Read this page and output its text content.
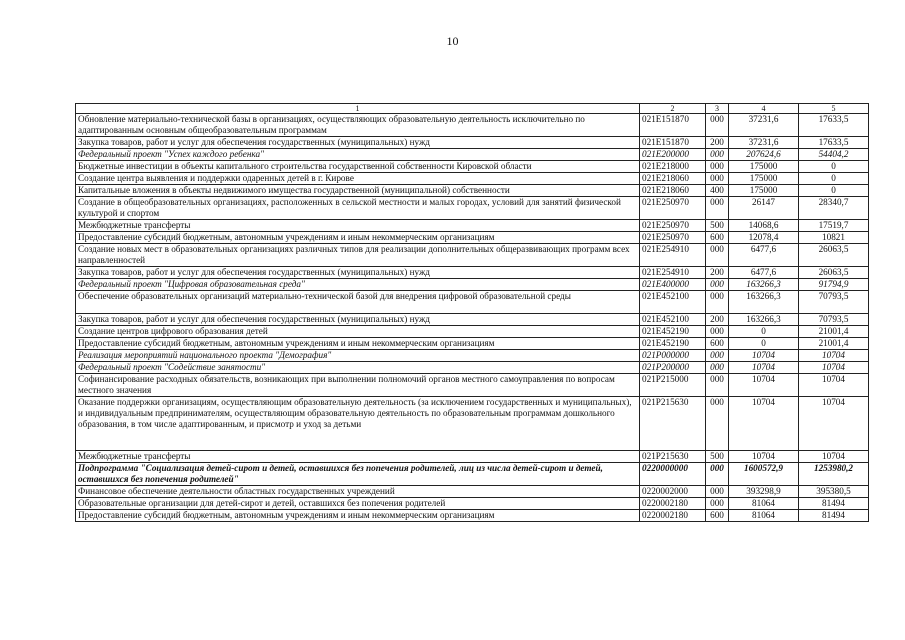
10
1	2	3	4	5
Обновление материально-технической базы в организациях, осуществляющих образовательную деятельность исключительно по адаптированным основным общеобразовательным программам	021E151870	000	37231,6	17633,5
Закупка товаров, работ и услуг для обеспечения государственных (муниципальных) нужд	021E151870	200	37231,6	17633,5
Федеральный проект "Успех каждого ребенка"	021E200000	000	207624,6	54404,2
Бюджетные инвестиции в объекты капитального строительства государственной собственности Кировской области	021E218000	000	175000	0
Создание центра выявления и поддержки одаренных детей в г. Кирове	021E218060	000	175000	0
Капитальные вложения в объекты недвижимого имущества государственной (муниципальной) собственности	021E218060	400	175000	0
Создание в общеобразовательных организациях, расположенных в сельской местности и малых городах, условий для занятий физической культурой и спортом	021E250970	000	26147	28340,7
Межбюджетные трансферты	021E250970	500	14068,6	17519,7
Предоставление субсидий бюджетным, автономным учреждениям и иным некоммерческим организациям	021E250970	600	12078,4	10821
Создание новых мест в образовательных организациях различных типов для реализации дополнительных общеразвивающих программ всех направленностей	021E254910	000	6477,6	26063,5
Закупка товаров, работ и услуг для обеспечения государственных (муниципальных) нужд	021E254910	200	6477,6	26063,5
Федеральный проект "Цифровая образовательная среда"	021E400000	000	163266,3	91794,9
Обеспечение образовательных организаций материально-технической базой для внедрения цифровой образовательной среды	021E452100	000	163266,3	70793,5
Закупка товаров, работ и услуг для обеспечения государственных (муниципальных) нужд	021E452100	200	163266,3	70793,5
Создание центров цифрового образования детей	021E452190	000	0	21001,4
Предоставление субсидий бюджетным, автономным учреждениям и иным некоммерческим организациям	021E452190	600	0	21001,4
Реализация мероприятий национального проекта "Демография"	021P000000	000	10704	10704
Федеральный проект "Содействие занятости"	021P200000	000	10704	10704
Софинансирование расходных обязательств, возникающих при выполнении полномочий органов местного самоуправления по вопросам местного значения	021P215000	000	10704	10704
Оказание поддержки организациям, осуществляющим образовательную деятельность (за исключением государственных и муниципальных), и индивидуальным предпринимателям, осуществляющим образовательную деятельность по образовательным программам дошкольного образования, в том числе адаптированным, и присмотр и уход за детьми	021P215630	000	10704	10704
Межбюджетные трансферты	021P215630	500	10704	10704
Подпрограмма "Социализация детей-сирот и детей, оставшихся без попечения родителей, лиц из числа детей-сирот и детей, оставшихся без попечения родителей"	0220000000	000	1600572,9	1253980,2
Финансовое обеспечение деятельности областных государственных учреждений	0220002000	000	393298,9	395380,5
Образовательные организации для детей-сирот и детей, оставшихся без попечения родителей	0220002180	000	81064	81494
Предоставление субсидий бюджетным, автономным учреждениям и иным некоммерческим организациям	0220002180	600	81064	81494
